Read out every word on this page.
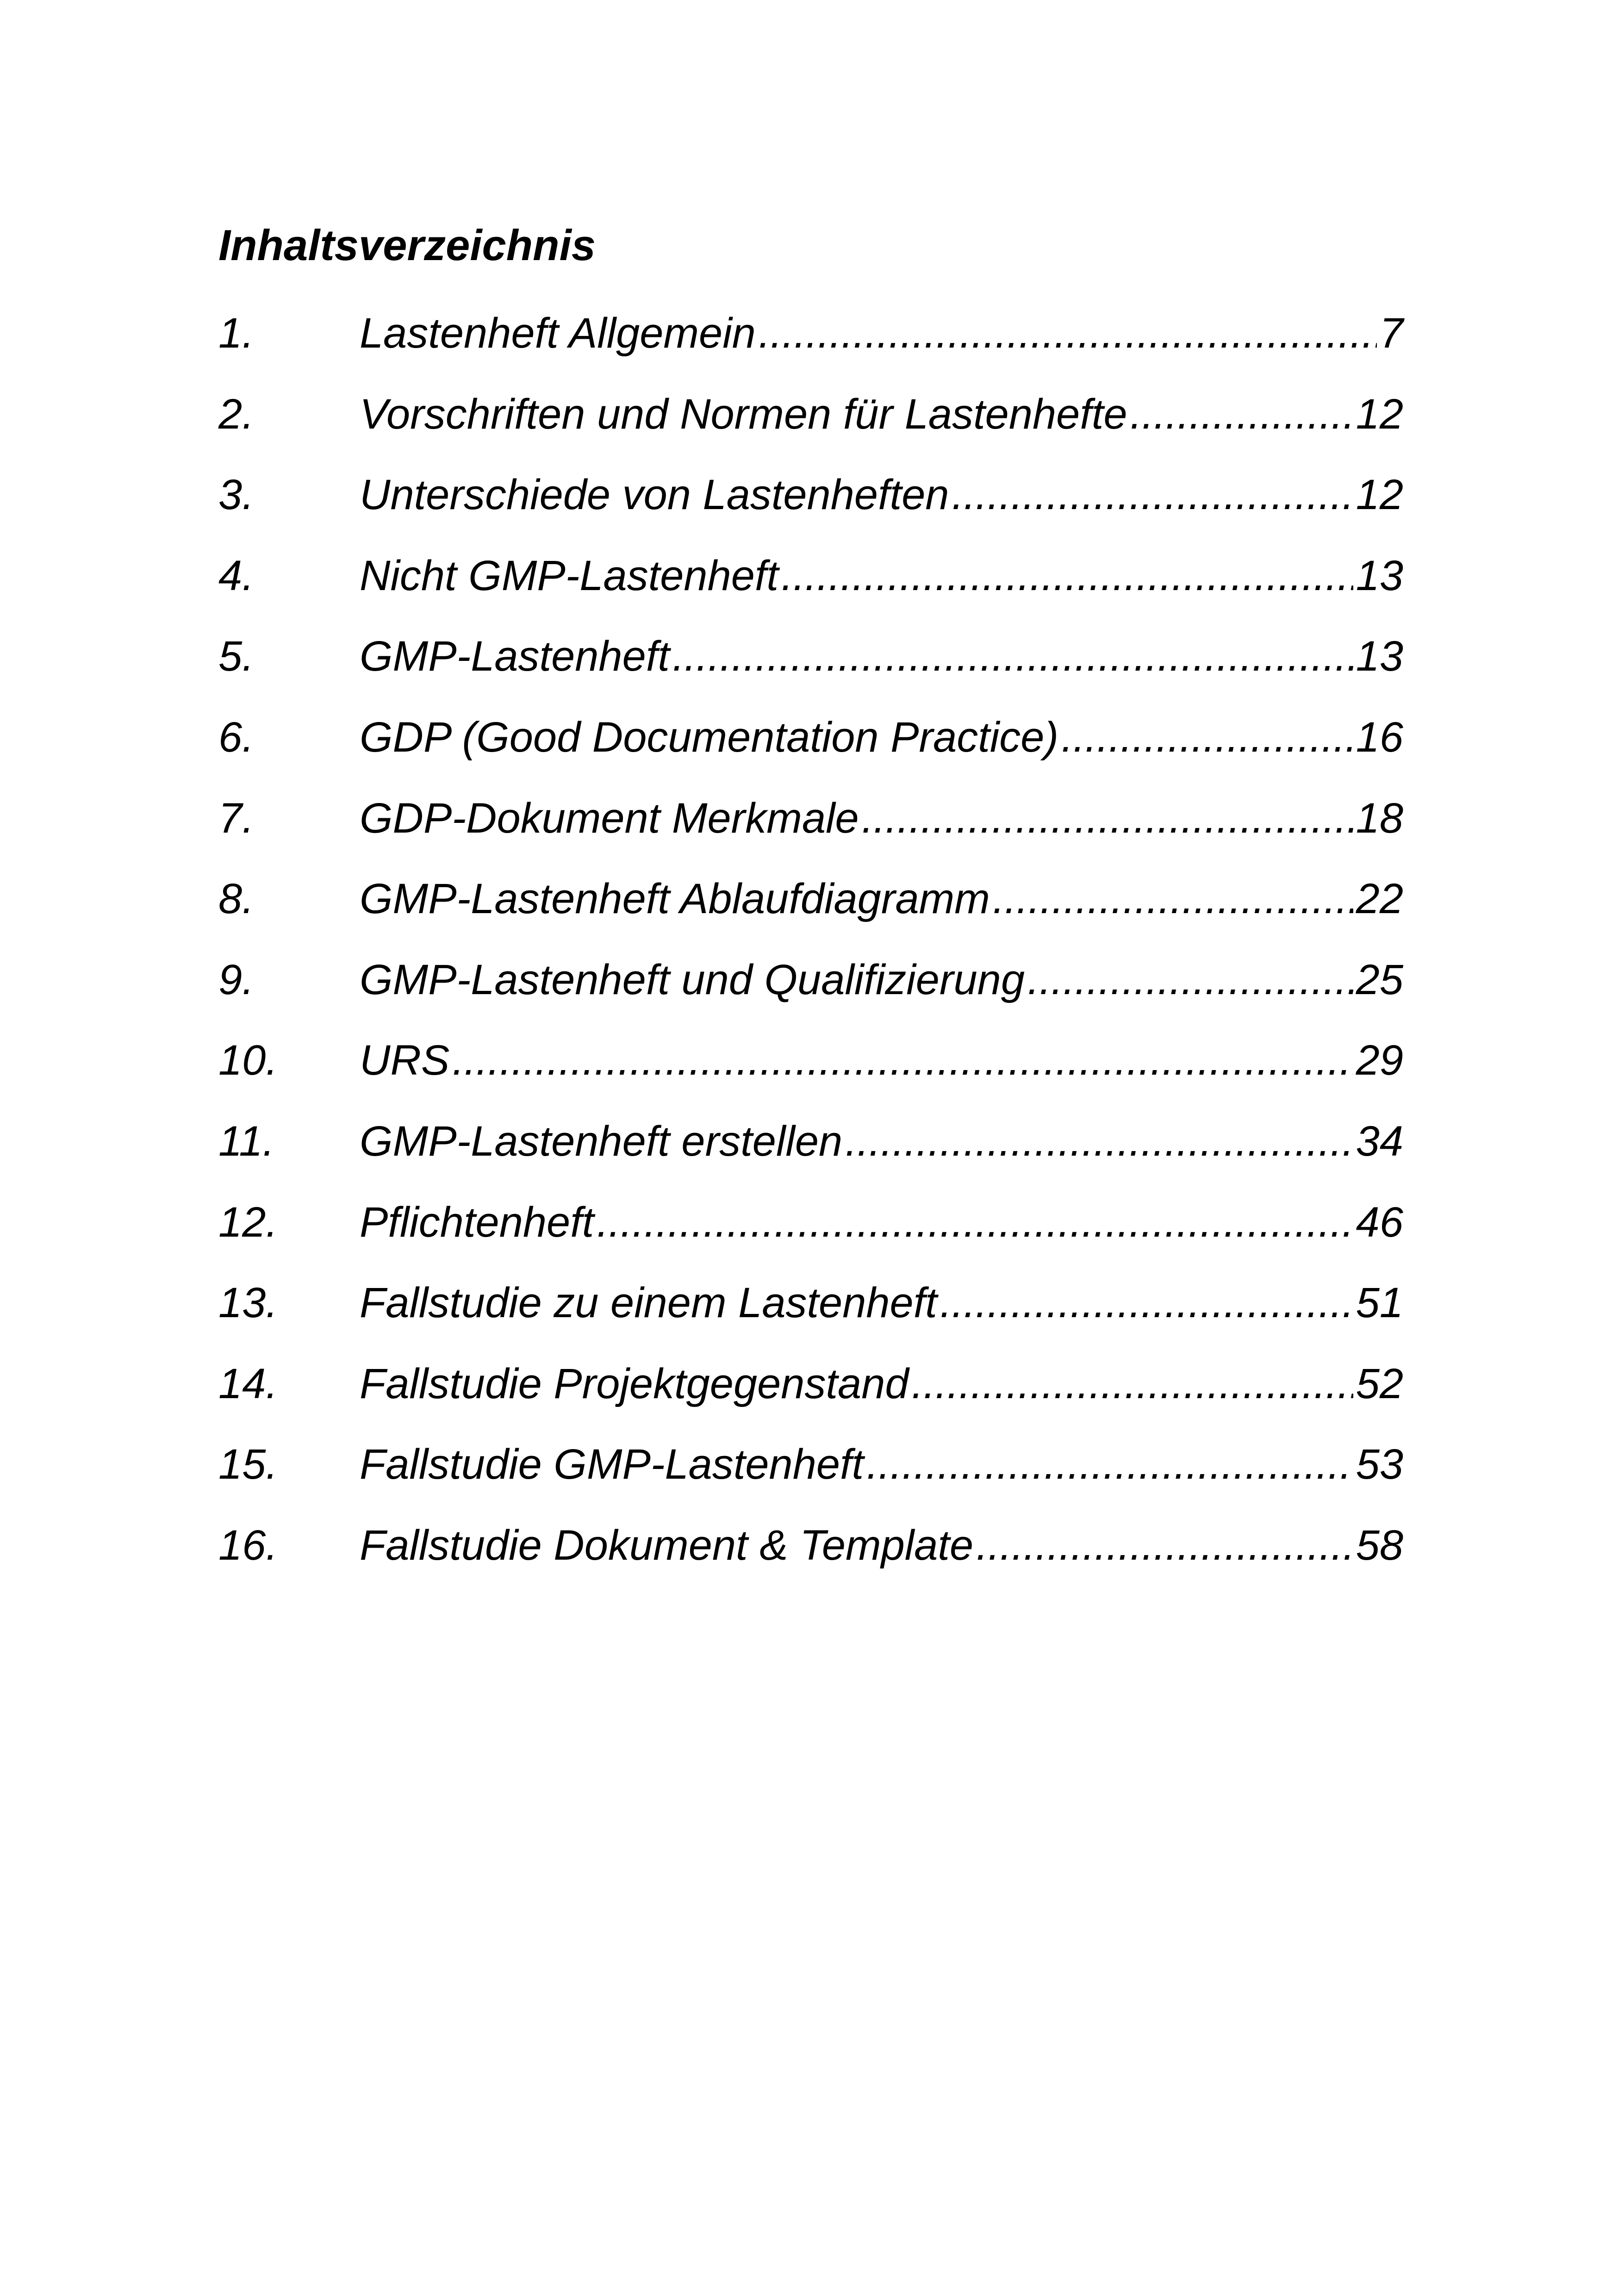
Inhaltsverzeichnis
1.	Lastenheft Allgemein .....	7
2.	Vorschriften und Normen für Lastenhefte .....	12
3.	Unterschiede von Lastenheften .....	12
4.	Nicht GMP-Lastenheft .....	13
5.	GMP-Lastenheft .....	13
6.	GDP (Good Documentation Practice) .....	16
7.	GDP-Dokument Merkmale .....	18
8.	GMP-Lastenheft Ablaufdiagramm .....	22
9.	GMP-Lastenheft und Qualifizierung .....	25
10.	URS .....	29
11.	GMP-Lastenheft erstellen .....	34
12.	Pflichtenheft .....	46
13.	Fallstudie zu einem Lastenheft .....	51
14.	Fallstudie Projektgegenstand .....	52
15.	Fallstudie GMP-Lastenheft .....	53
16.	Fallstudie Dokument & Template .....	58
